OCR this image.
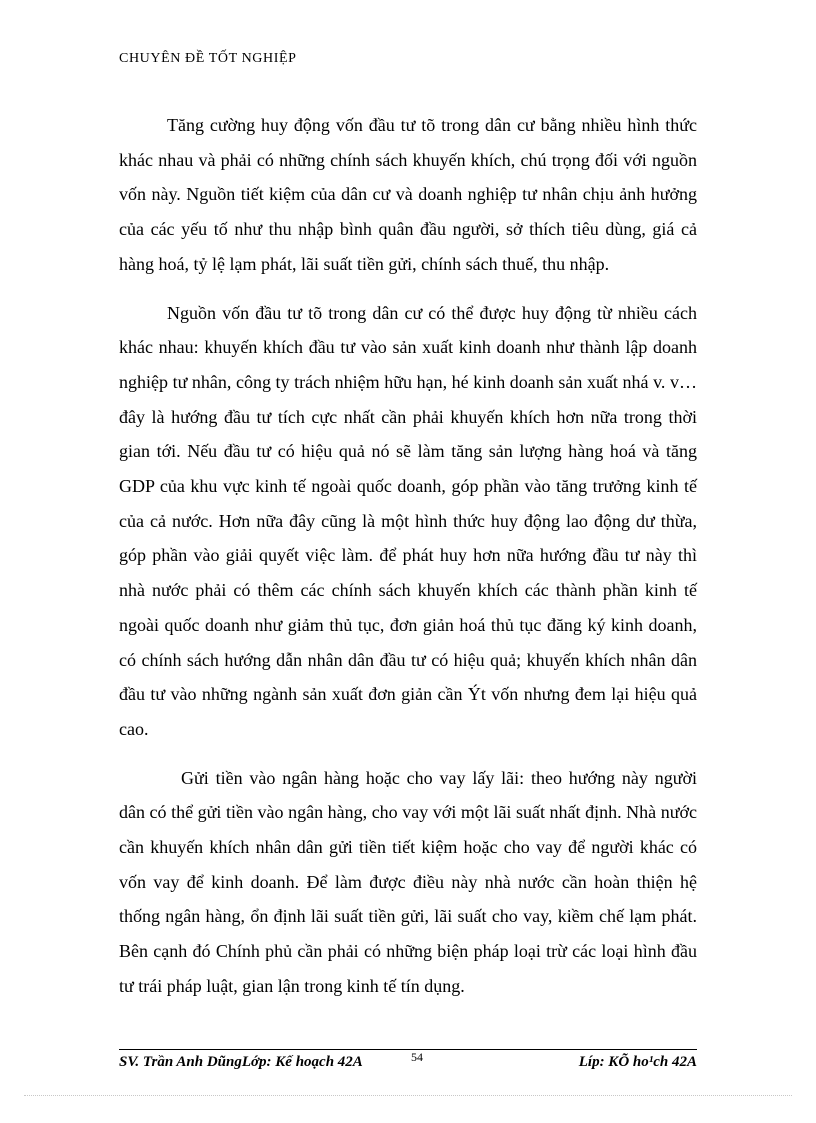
CHUYÊN ĐỀ TỐT NGHIỆP

Tăng cường huy động vốn đầu tư tõ trong dân cư bằng nhiều hình thức khác nhau và phải có những chính sách khuyến khích, chú trọng đối với nguồn vốn này. Nguồn tiết kiệm của dân cư và doanh nghiệp tư nhân chịu ảnh hưởng của các yếu tố như thu nhập bình quân đầu người, sở thích tiêu dùng, giá cả hàng hoá, tỷ lệ lạm phát, lãi suất tiền gửi, chính sách thuế, thu nhập.

Nguồn vốn đầu tư tõ trong dân cư có thể được huy động từ nhiều cách khác nhau: khuyến khích đầu tư vào sản xuất kinh doanh như thành lập doanh nghiệp tư nhân, công ty trách nhiệm hữu hạn, hé kinh doanh sản xuất nhá v. v… đây là hướng đầu tư tích cực nhất cần phải khuyến khích hơn nữa trong thời gian tới. Nếu đầu tư có hiệu quả nó sẽ làm tăng sản lượng hàng hoá và tăng GDP của khu vực kinh tế ngoài quốc doanh, góp phần vào tăng trưởng kinh tế của cả nước. Hơn nữa đây cũng là một hình thức huy động lao động dư thừa, góp phần vào giải quyết việc làm. để phát huy hơn nữa hướng đầu tư này thì nhà nước phải có thêm các chính sách khuyến khích các thành phần kinh tế ngoài quốc doanh như giảm thủ tục, đơn giản hoá thủ tục đăng ký kinh doanh, có chính sách hướng dẫn nhân dân đầu tư có hiệu quả; khuyến khích nhân dân đầu tư vào những ngành sản xuất đơn giản cần Ýt vốn nhưng đem lại hiệu quả cao.

Gửi tiền vào ngân hàng hoặc cho vay lấy lãi: theo hướng này người dân có thể gửi tiền vào ngân hàng, cho vay với một lãi suất nhất định. Nhà nước cần khuyến khích nhân dân gửi tiền tiết kiệm hoặc cho vay để người khác có vốn vay để kinh doanh. Để làm được điều này nhà nước cần hoàn thiện hệ thống ngân hàng, ổn định lãi suất tiền gửi, lãi suất cho vay, kiềm chế lạm phát. Bên cạnh đó Chính phủ cần phải có những biện pháp loại trừ các loại hình đầu tư trái pháp luật, gian lận trong kinh tế tín dụng.

SV. Trần Anh DũngLớp: Kế hoạch 42A	54	Líp: KÕ ho¹ch 42A
